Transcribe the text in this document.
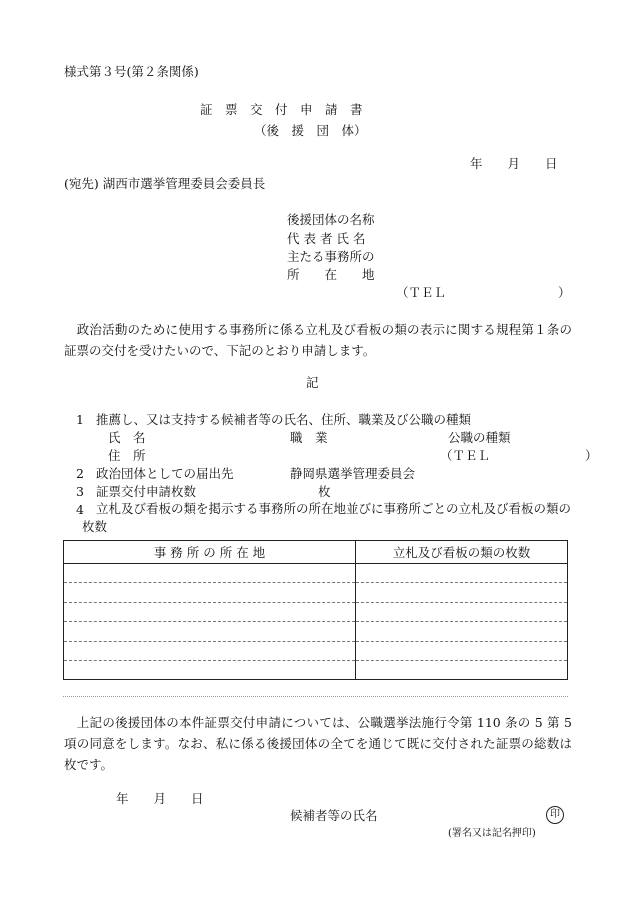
様式第３号(第２条関係)
証　票　交　付　申　請　書
（後　援　団　体）
年　　月　　日
(宛先) 湖西市選挙管理委員会委員長
後援団体の名称
代 表 者 氏 名
主たる事務所の
所　　在　　地
（ＴＥＬ	）
　政治活動のために使用する事務所に係る立札及び看板の類の表示に関する規程第１条の証票の交付を受けたいので、下記のとおり申請します。
記
1 推薦し、又は支持する候補者等の氏名、住所、職業及び公職の種類
氏　名	職　業	公職の種類
住　所	（ＴＥＬ	）
2 政治団体としての届出先	静岡県選挙管理委員会
3 証票交付申請枚数	枚
4 立札及び看板の類を掲示する事務所の所在地並びに事務所ごとの立札及び看板の類の枚数
事 務 所 の 所 在 地	立札及び看板の類の枚数

　上記の後援団体の本件証票交付申請については、公職選挙法施行令第 110 条の 5 第 5 項の同意をします。なお、私に係る後援団体の全てを通じて既に交付された証票の総数は　　枚です。
年　　月　　日
候補者等の氏名	印
(署名又は記名押印)
